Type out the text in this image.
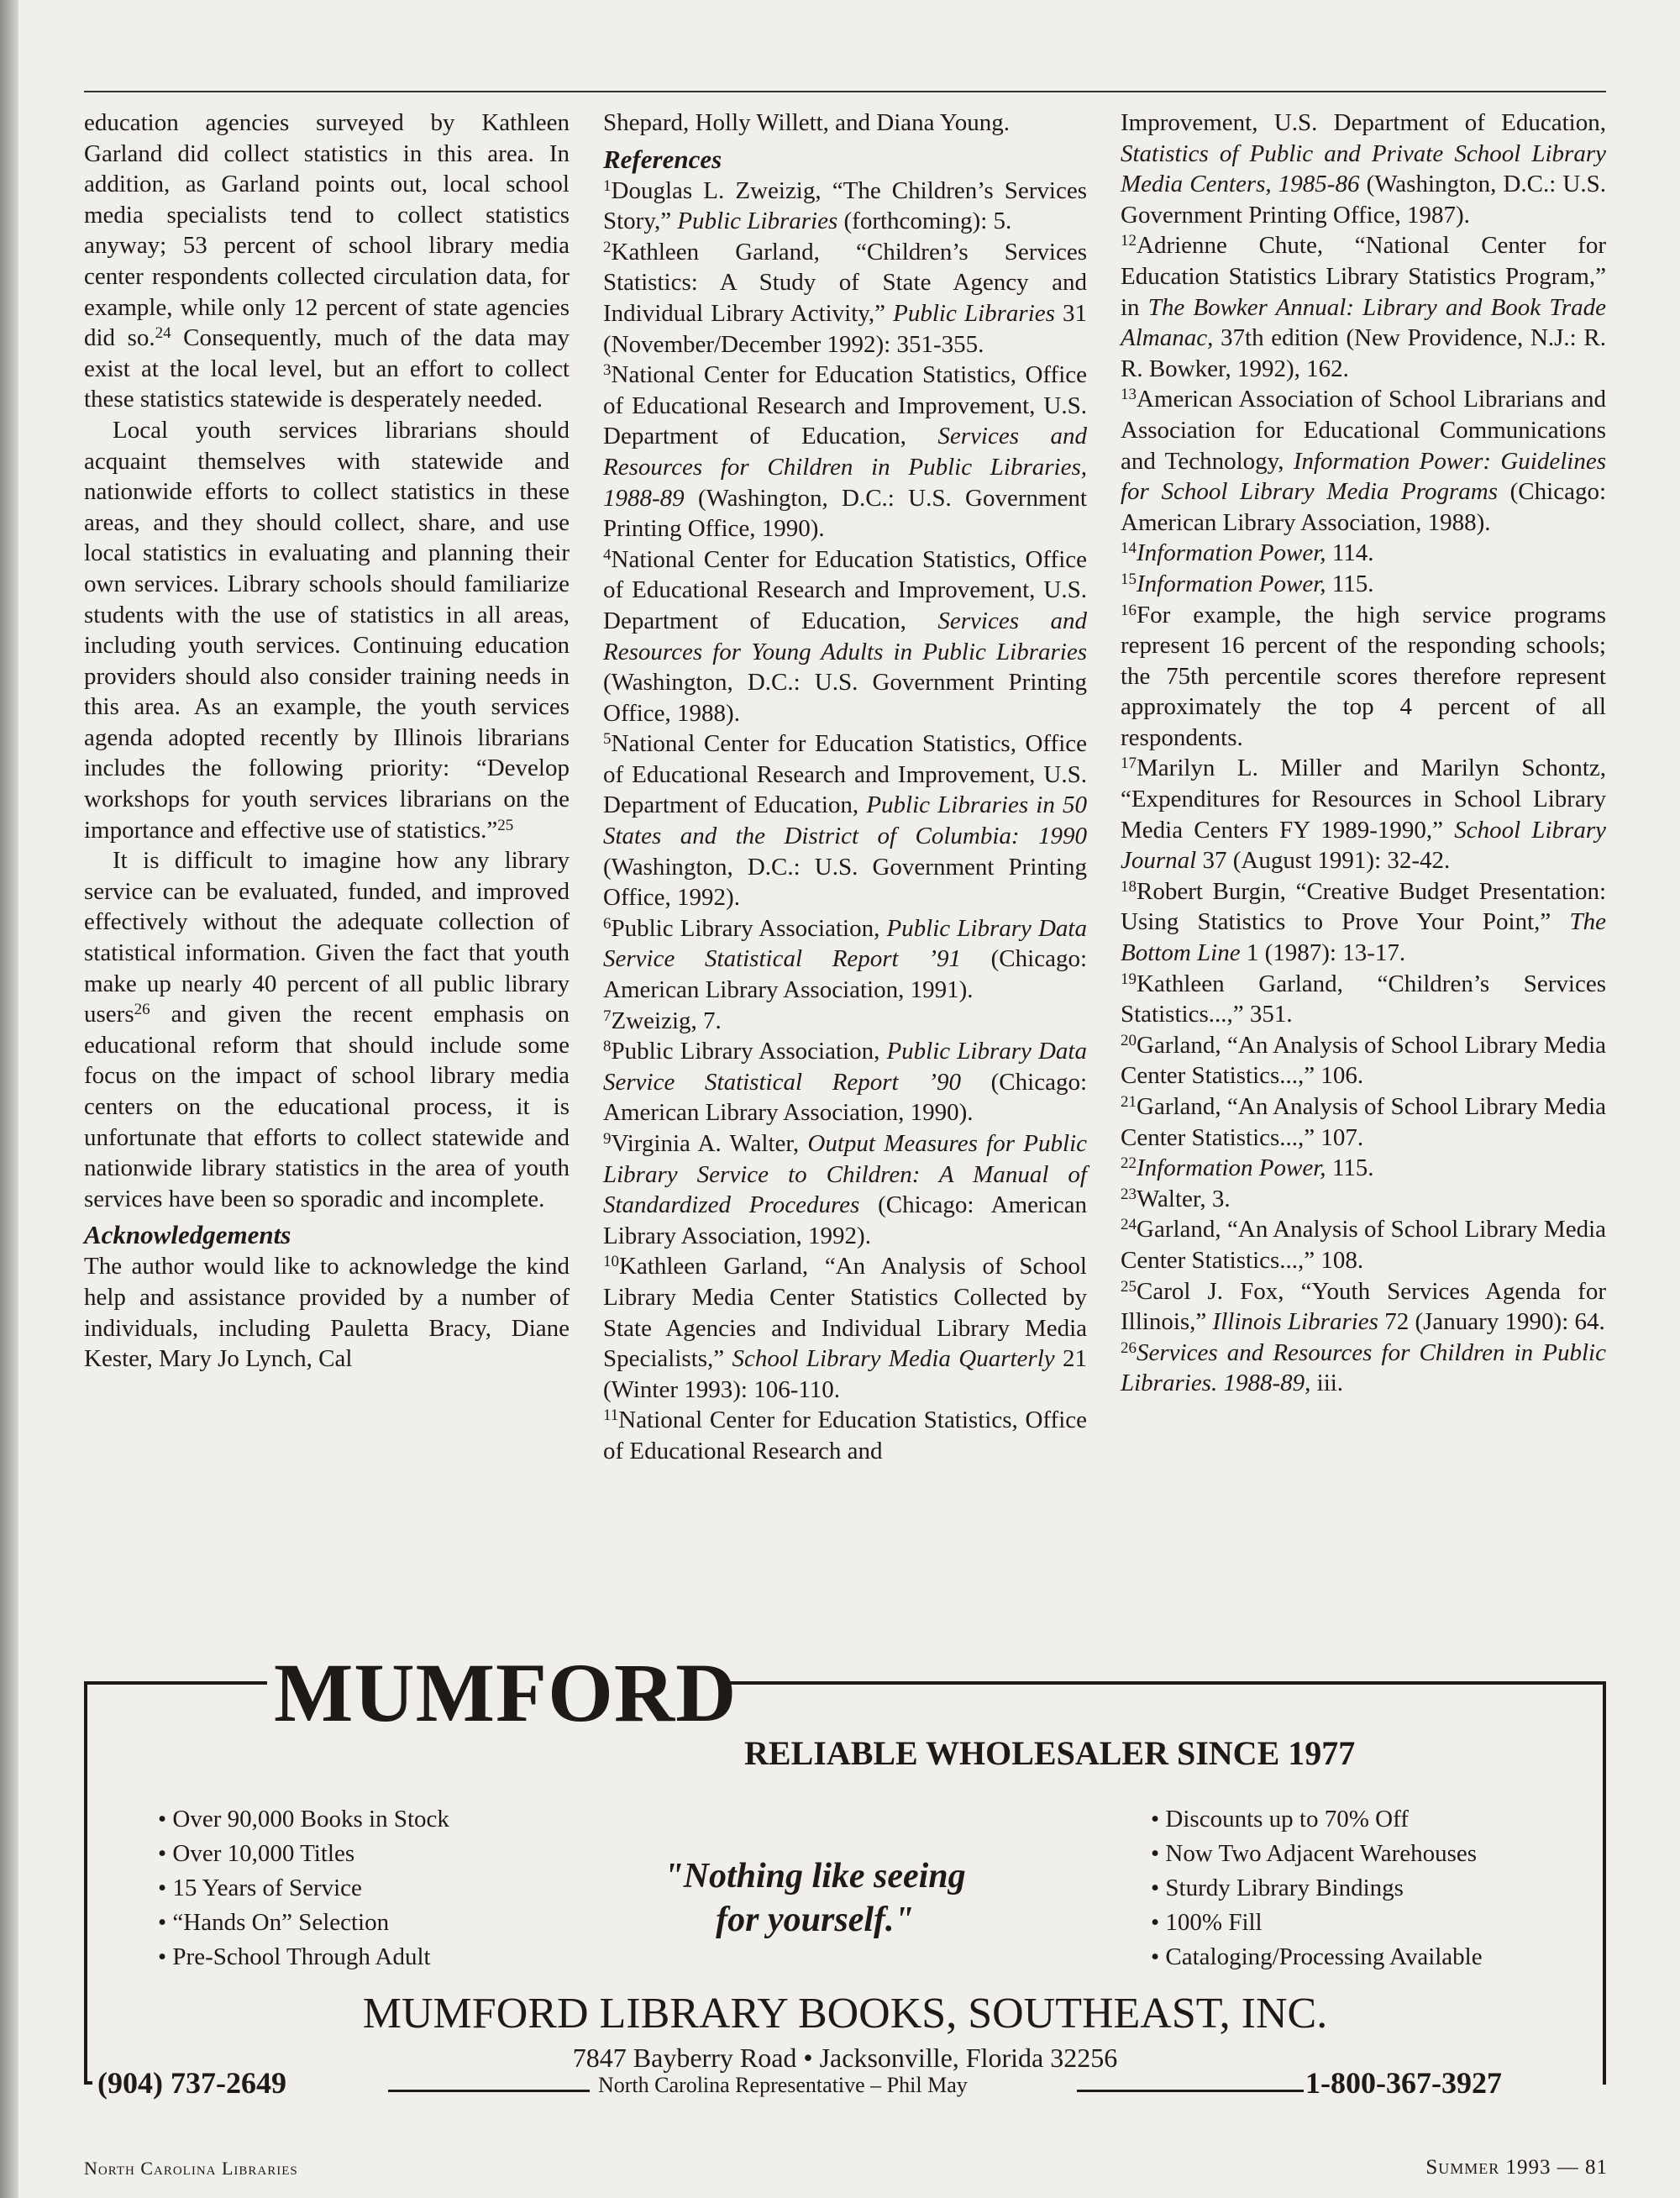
education agencies surveyed by Kathleen Garland did collect statistics in this area. In addition, as Garland points out, local school media specialists tend to collect statistics anyway; 53 percent of school library media center respondents collected circulation data, for example, while only 12 percent of state agencies did so.$^{24}$ Consequently, much of the data may exist at the local level, but an effort to collect these statistics statewide is desperately needed.

Local youth services librarians should acquaint themselves with statewide and nationwide efforts to collect statistics in these areas, and they should collect, share, and use local statistics in evaluating and planning their own services. Library schools should familiarize students with the use of statistics in all areas, including youth services. Continuing education providers should also consider training needs in this area. As an example, the youth services agenda adopted recently by Illinois librarians includes the following priority: “Develop workshops for youth services librarians on the importance and effective use of statistics.”$^{25}$

It is difficult to imagine how any library service can be evaluated, funded, and improved effectively without the adequate collection of statistical information. Given the fact that youth make up nearly 40 percent of all public library users$^{26}$ and given the recent emphasis on educational reform that should include some focus on the impact of school library media centers on the educational process, it is unfortunate that efforts to collect statewide and nationwide library statistics in the area of youth services have been so sporadic and incomplete.

Acknowledgements

The author would like to acknowledge the kind help and assistance provided by a number of individuals, including Pauletta Bracy, Diane Kester, Mary Jo Lynch, Cal

Shepard, Holly Willett, and Diana Young.

References

$^1$Douglas L. Zweizig, “The Children’s Services Story,” Public Libraries (forthcoming): 5.

$^2$Kathleen Garland, “Children’s Services Statistics: A Study of State Agency and Individual Library Activity,” Public Libraries 31 (November/December 1992): 351-355.

$^3$National Center for Education Statistics, Office of Educational Research and Improvement, U.S. Department of Education, Services and Resources for Children in Public Libraries, 1988-89 (Washington, D.C.: U.S. Government Printing Office, 1990).

$^4$National Center for Education Statistics, Office of Educational Research and Improvement, U.S. Department of Education, Services and Resources for Young Adults in Public Libraries (Washington, D.C.: U.S. Government Printing Office, 1988).

$^5$National Center for Education Statistics, Office of Educational Research and Improvement, U.S. Department of Education, Public Libraries in 50 States and the District of Columbia: 1990 (Washington, D.C.: U.S. Government Printing Office, 1992).

$^6$Public Library Association, Public Library Data Service Statistical Report ’91 (Chicago: American Library Association, 1991).

$^7$Zweizig, 7.

$^8$Public Library Association, Public Library Data Service Statistical Report ’90 (Chicago: American Library Association, 1990).

$^9$Virginia A. Walter, Output Measures for Public Library Service to Children: A Manual of Standardized Procedures (Chicago: American Library Association, 1992).

$^{10}$Kathleen Garland, “An Analysis of School Library Media Center Statistics Collected by State Agencies and Individual Library Media Specialists,” School Library Media Quarterly 21 (Winter 1993): 106-110.

$^{11}$National Center for Education Statistics, Office of Educational Research and

Improvement, U.S. Department of Education, Statistics of Public and Private School Library Media Centers, 1985-86 (Washington, D.C.: U.S. Government Printing Office, 1987).

$^{12}$Adrienne Chute, “National Center for Education Statistics Library Statistics Program,” in The Bowker Annual: Library and Book Trade Almanac, 37th edition (New Providence, N.J.: R. R. Bowker, 1992), 162.

$^{13}$American Association of School Librarians and Association for Educational Communications and Technology, Information Power: Guidelines for School Library Media Programs (Chicago: American Library Association, 1988).

$^{14}$Information Power, 114.

$^{15}$Information Power, 115.

$^{16}$For example, the high service programs represent 16 percent of the responding schools; the 75th percentile scores therefore represent approximately the top 4 percent of all respondents.

$^{17}$Marilyn L. Miller and Marilyn Schontz, “Expenditures for Resources in School Library Media Centers FY 1989-1990,” School Library Journal 37 (August 1991): 32-42.

$^{18}$Robert Burgin, “Creative Budget Presentation: Using Statistics to Prove Your Point,” The Bottom Line 1 (1987): 13-17.

$^{19}$Kathleen Garland, “Children’s Services Statistics...,” 351.

$^{20}$Garland, “An Analysis of School Library Media Center Statistics...,” 106.

$^{21}$Garland, “An Analysis of School Library Media Center Statistics...,” 107.

$^{22}$Information Power, 115.

$^{23}$Walter, 3.

$^{24}$Garland, “An Analysis of School Library Media Center Statistics...,” 108.

$^{25}$Carol J. Fox, “Youth Services Agenda for Illinois,” Illinois Libraries 72 (January 1990): 64.

$^{26}$Services and Resources for Children in Public Libraries. 1988-89, iii.

MUMFORD
RELIABLE WHOLESALER SINCE 1977
• Over 90,000 Books in Stock
• Over 10,000 Titles
• 15 Years of Service
• “Hands On” Selection
• Pre-School Through Adult
"Nothing like seeing
for yourself."
• Discounts up to 70% Off
• Now Two Adjacent Warehouses
• Sturdy Library Bindings
• 100% Fill
• Cataloging/Processing Available
MUMFORD LIBRARY BOOKS, SOUTHEAST, INC.
7847 Bayberry Road • Jacksonville, Florida 32256
(904) 737-2649	North Carolina Representative – Phil May	1-800-367-3927
North Carolina Libraries	Summer 1993 — 81
